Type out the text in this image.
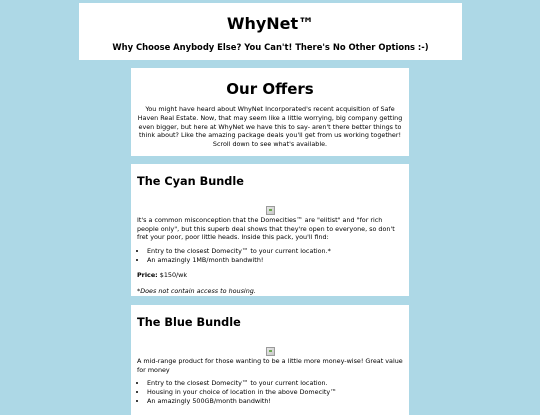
WhyNet™
Why Choose Anybody Else? You Can't! There's No Other Options :-)
Our Offers
You might have heard about WhyNet Incorporated's recent acquisition of Safe Haven Real Estate. Now, that may seem like a little worrying, big company getting even bigger, but here at WhyNet we have this to say- aren't there better things to think about? Like the amazing package deals you'll get from us working together! Scroll down to see what's available.
The Cyan Bundle
It's a common misconception that the Domecities™ are "elitist" and "for rich people only", but this superb deal shows that they're open to everyone, so don't fret your poor, poor little heads. Inside this pack, you'll find:
• Entry to the closest Domecity™ to your current location.*
• An amazingly 1MB/month bandwith!
Price: $150/wk
*Does not contain access to housing.
The Blue Bundle
A mid-range product for those wanting to be a little more money-wise! Great value for money
• Entry to the closest Domecity™ to your current location.
• Housing in your choice of location in the above Domecity™
• An amazingly 500GB/month bandwith!
